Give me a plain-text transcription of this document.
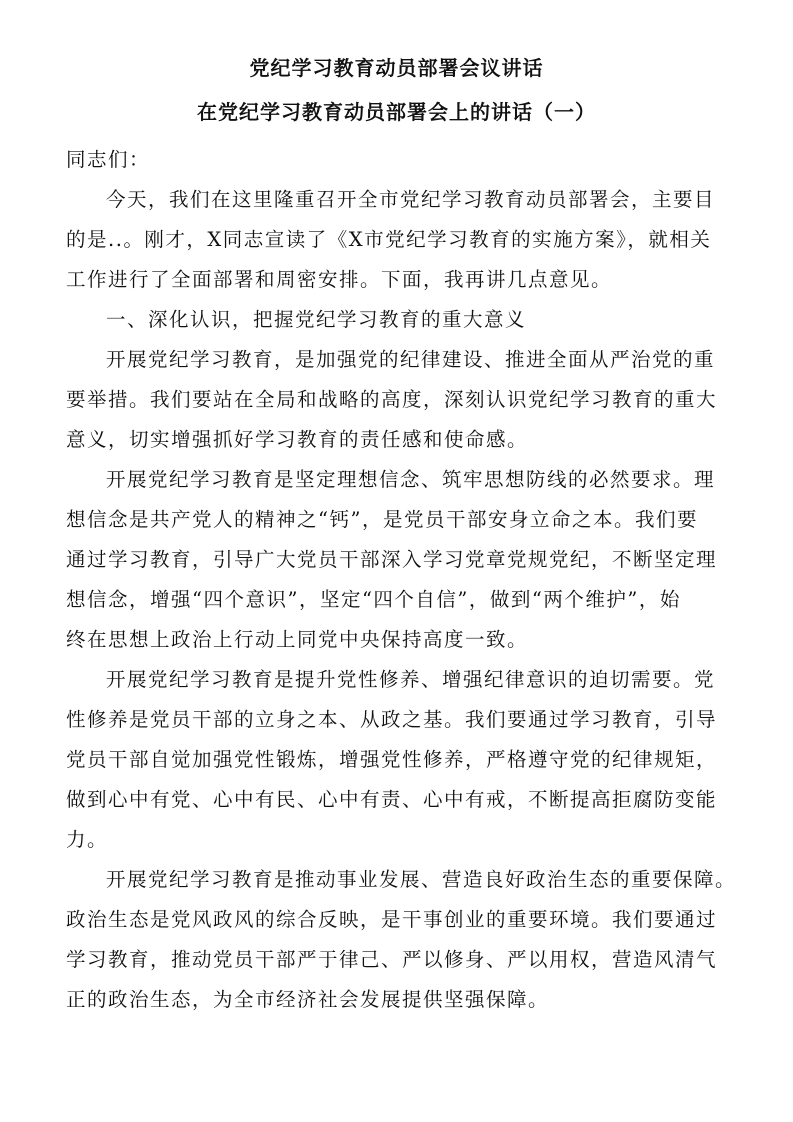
党纪学习教育动员部署会议讲话
在党纪学习教育动员部署会上的讲话（一）
同志们：
今天，我们在这里隆重召开全市党纪学习教育动员部署会，主要目
的是..。刚才，X同志宣读了《X市党纪学习教育的实施方案》，就相关
工作进行了全面部署和周密安排。下面，我再讲几点意见。
一、深化认识，把握党纪学习教育的重大意义
开展党纪学习教育，是加强党的纪律建设、推进全面从严治党的重
要举措。我们要站在全局和战略的高度，深刻认识党纪学习教育的重大
意义，切实增强抓好学习教育的责任感和使命感。
开展党纪学习教育是坚定理想信念、筑牢思想防线的必然要求。理
想信念是共产党人的精神之“钙”，是党员干部安身立命之本。我们要
通过学习教育，引导广大党员干部深入学习党章党规党纪，不断坚定理
想信念，增强“四个意识”，坚定“四个自信”，做到“两个维护”，始
终在思想上政治上行动上同党中央保持高度一致。
开展党纪学习教育是提升党性修养、增强纪律意识的迫切需要。党
性修养是党员干部的立身之本、从政之基。我们要通过学习教育，引导
党员干部自觉加强党性锻炼，增强党性修养，严格遵守党的纪律规矩，
做到心中有党、心中有民、心中有责、心中有戒，不断提高拒腐防变能
力。
开展党纪学习教育是推动事业发展、营造良好政治生态的重要保障。
政治生态是党风政风的综合反映，是干事创业的重要环境。我们要通过
学习教育，推动党员干部严于律己、严以修身、严以用权，营造风清气
正的政治生态，为全市经济社会发展提供坚强保障。
